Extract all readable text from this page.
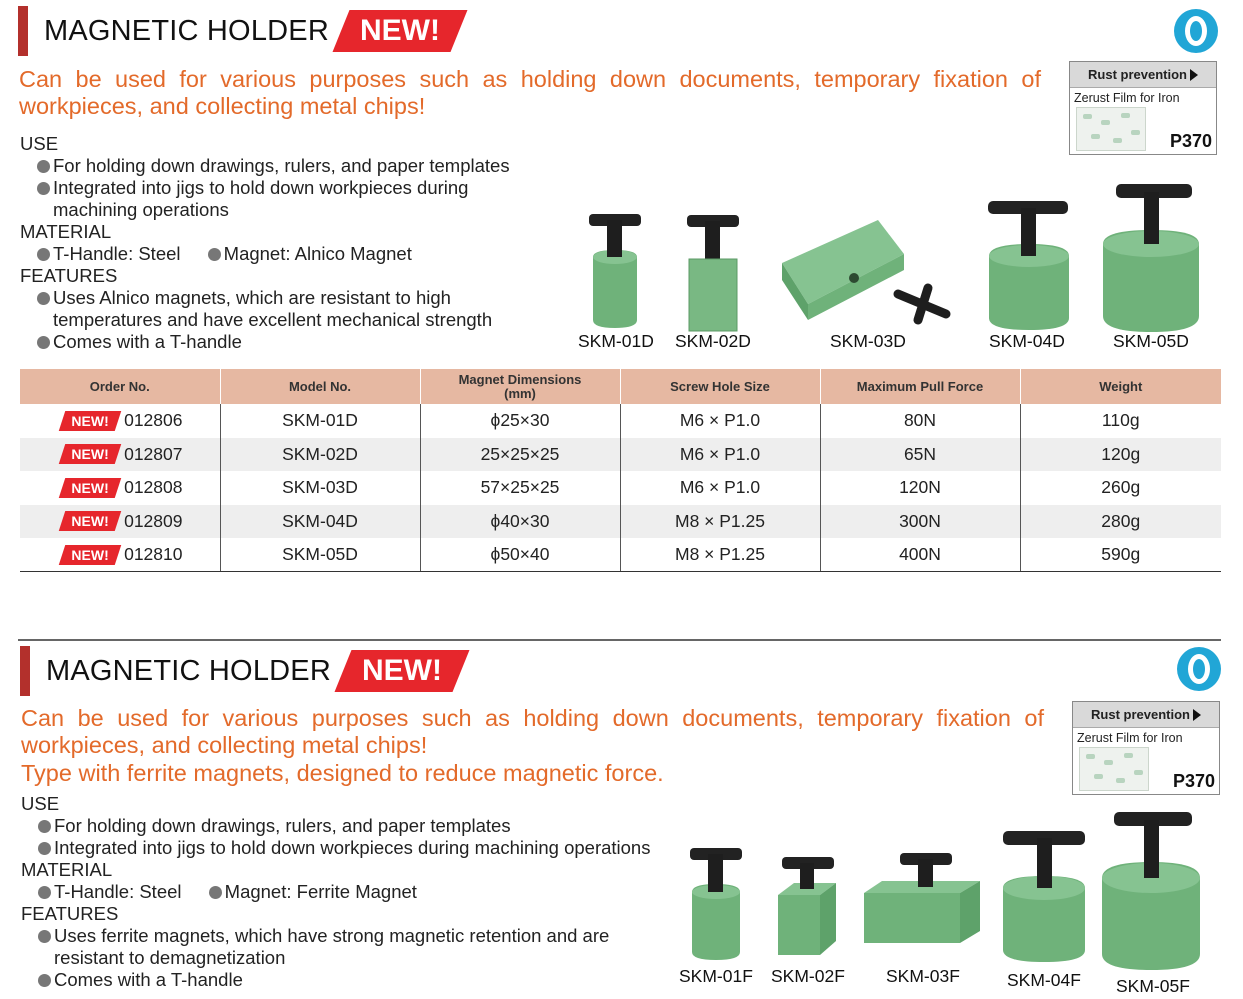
MAGNETIC HOLDER	NEW!
Can be used for various purposes such as holding down documents, temporary fixation of workpieces, and collecting metal chips!
Rust prevention
Zerust Film for Iron
P370
USE
For holding down drawings, rulers, and paper templates
Integrated into jigs to hold down workpieces during machining operations
MATERIAL
T-Handle: Steel Magnet: Alnico Magnet
FEATURES
Uses Alnico magnets, which are resistant to high temperatures and have excellent mechanical strength
Comes with a T-handle	SKM-01D SKM-02D	SKM-03D	SKM-04D	SKM-05D
Order No.	Model No.	Magnet Dimensions
(mm)	Screw Hole Size	Maximum Pull Force	Weight

NEW! 012806	SKM-01D	ϕ25×30	M6 × P1.0	80N	110g

NEW! 012807	SKM-02D	25×25×25	M6 × P1.0	65N	120g

NEW! 012808	SKM-03D	57×25×25	M6 × P1.0	120N	260g

NEW! 012809	SKM-04D	ϕ40×30	M8 × P1.25	300N	280g

NEW! 012810	SKM-05D	ϕ50×40	M8 × P1.25	400N	590g
MAGNETIC HOLDER	NEW!
Can be used for various purposes such as holding down documents, temporary fixation of workpieces, and collecting metal chips!
Type with ferrite magnets, designed to reduce magnetic force.
Rust prevention
Zerust Film for Iron
P370
USE
For holding down drawings, rulers, and paper templates
Integrated into jigs to hold down workpieces during machining operations
MATERIAL
T-Handle: Steel Magnet: Ferrite Magnet
FEATURES
Uses ferrite magnets, which have strong magnetic retention and are resistant to demagnetization
Comes with a T-handle	SKM-01F SKM-02F SKM-03F	SKM-04F SKM-05F
